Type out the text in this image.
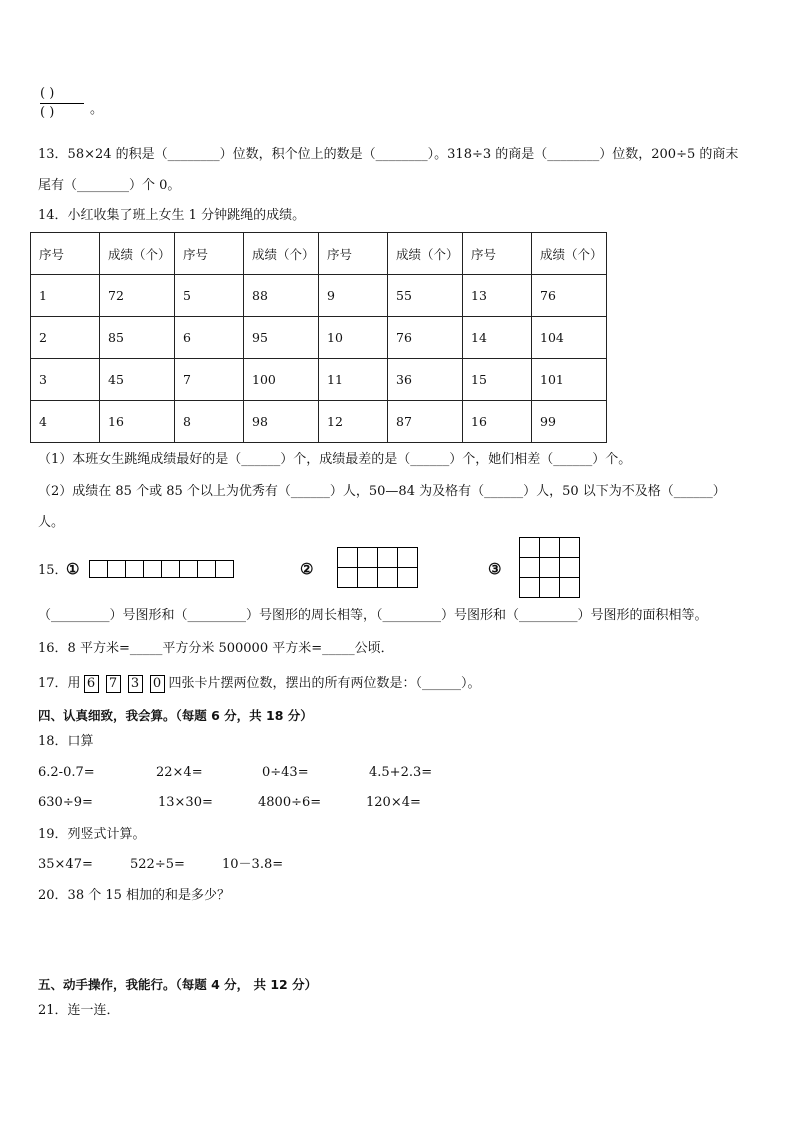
( )
( )	。
13．58×24 的积是（________）位数，积个位上的数是（________）。318÷3 的商是（________）位数，200÷5 的商末
尾有（________）个 0。
14．小红收集了班上女生 1 分钟跳绳的成绩。
序号	成绩（个）	序号	成绩（个）	序号	成绩（个）	序号	成绩（个）
1	72	5	88	9	55	13	76
2	85	6	95	10	76	14	104
3	45	7	100	11	36	15	101
4	16	8	98	12	87	16	99
（1）本班女生跳绳成绩最好的是（______）个，成绩最差的是（______）个，她们相差（______）个。
（2）成绩在 85 个或 85 个以上为优秀有（______）人，50—84 为及格有（______）人，50 以下为不及格（______）
人。
15．
①	②	③
（_________）号图形和（_________）号图形的周长相等，（_________）号图形和（_________）号图形的面积相等。
16．8 平方米=_____平方分米 500000 平方米=_____公顷．
17．用 6 7 3 0 四张卡片摆两位数，摆出的所有两位数是：（______）。
四、认真细致，我会算。（每题 6 分，共 18 分）
18．口算
6.2-0.7=	22×4=	0÷43=	4.5+2.3=
630÷9=	13×30=	4800÷6=	120×4=
19．列竖式计算。
35×47=	522÷5=	10－3.8=
20．38 个 15 相加的和是多少？
五、动手操作，我能行。（每题 4 分， 共 12 分）
21．连一连．
